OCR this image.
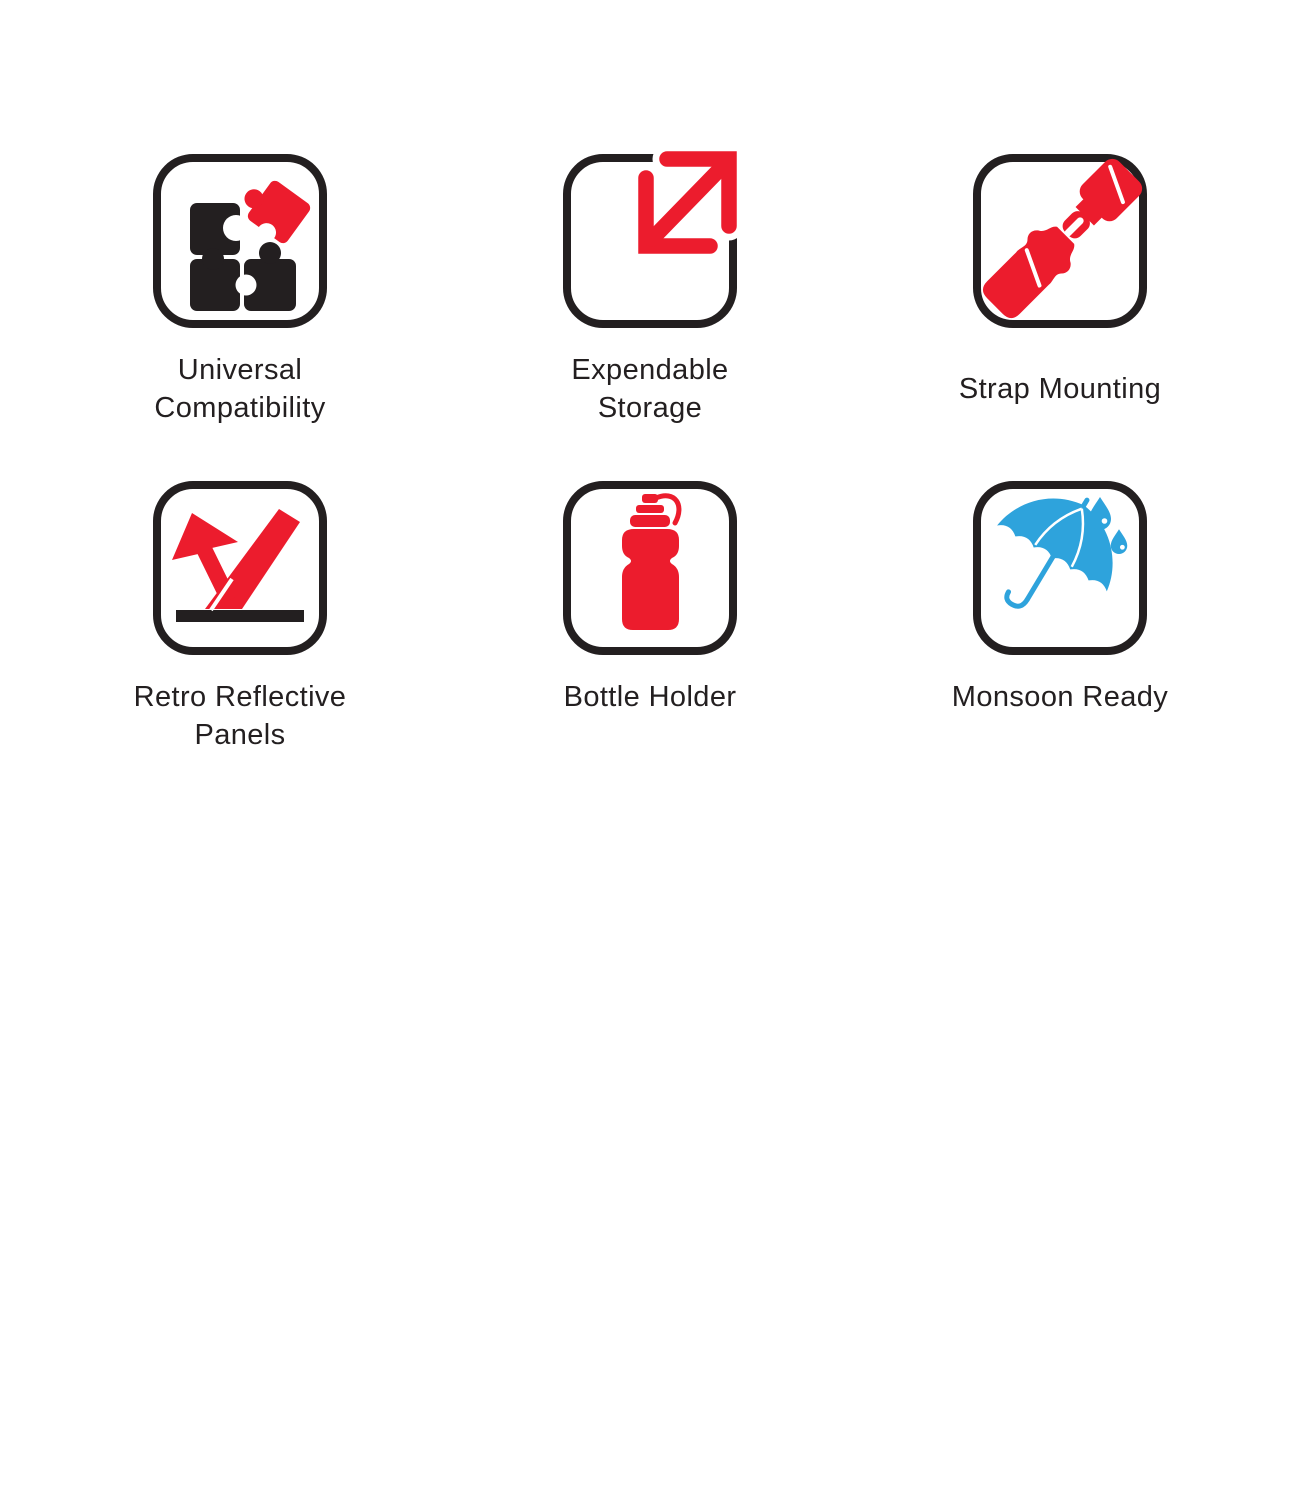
Universal
Compatibility
Expendable
Storage
Strap Mounting
Retro Reflective
Panels
Bottle Holder	Monsoon Ready
